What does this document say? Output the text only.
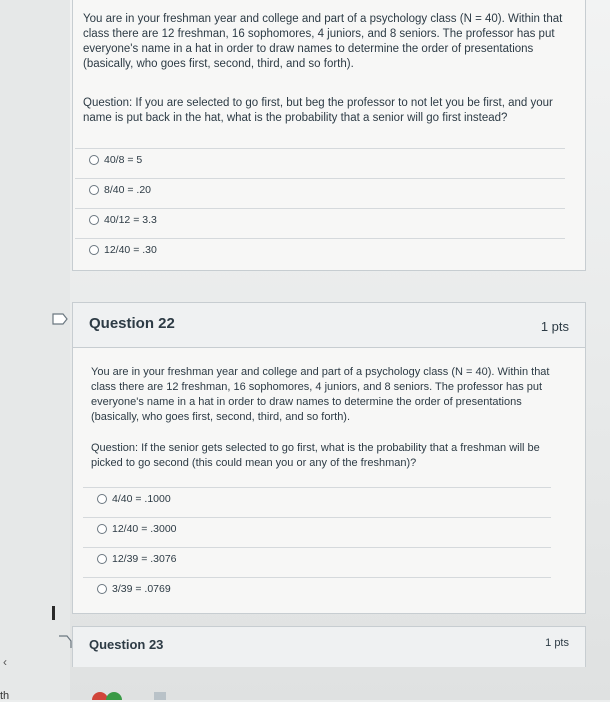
You are in your freshman year and college and part of a psychology class (N = 40). Within that
class there are 12 freshman, 16 sophomores, 4 juniors, and 8 seniors. The professor has put
everyone's name in a hat in order to draw names to determine the order of presentations
(basically, who goes first, second, third, and so forth).

Question: If you are selected to go first, but beg the professor to not let you be first, and your
name is put back in the hat, what is the probability that a senior will go first instead?

40/8 = 5
8/40 = .20
40/12 = 3.3
12/40 = .30
Question 22	1 pts

You are in your freshman year and college and part of a psychology class (N = 40). Within that
class there are 12 freshman, 16 sophomores, 4 juniors, and 8 seniors. The professor has put
everyone's name in a hat in order to draw names to determine the order of presentations
(basically, who goes first, second, third, and so forth).

Question: If the senior gets selected to go first, what is the probability that a freshman will be
picked to go second (this could mean you or any of the freshman)?

4/40 = .1000
12/40 = .3000
12/39 = .3076
3/39 = .0769
Question 23	1 pts
‹
th
